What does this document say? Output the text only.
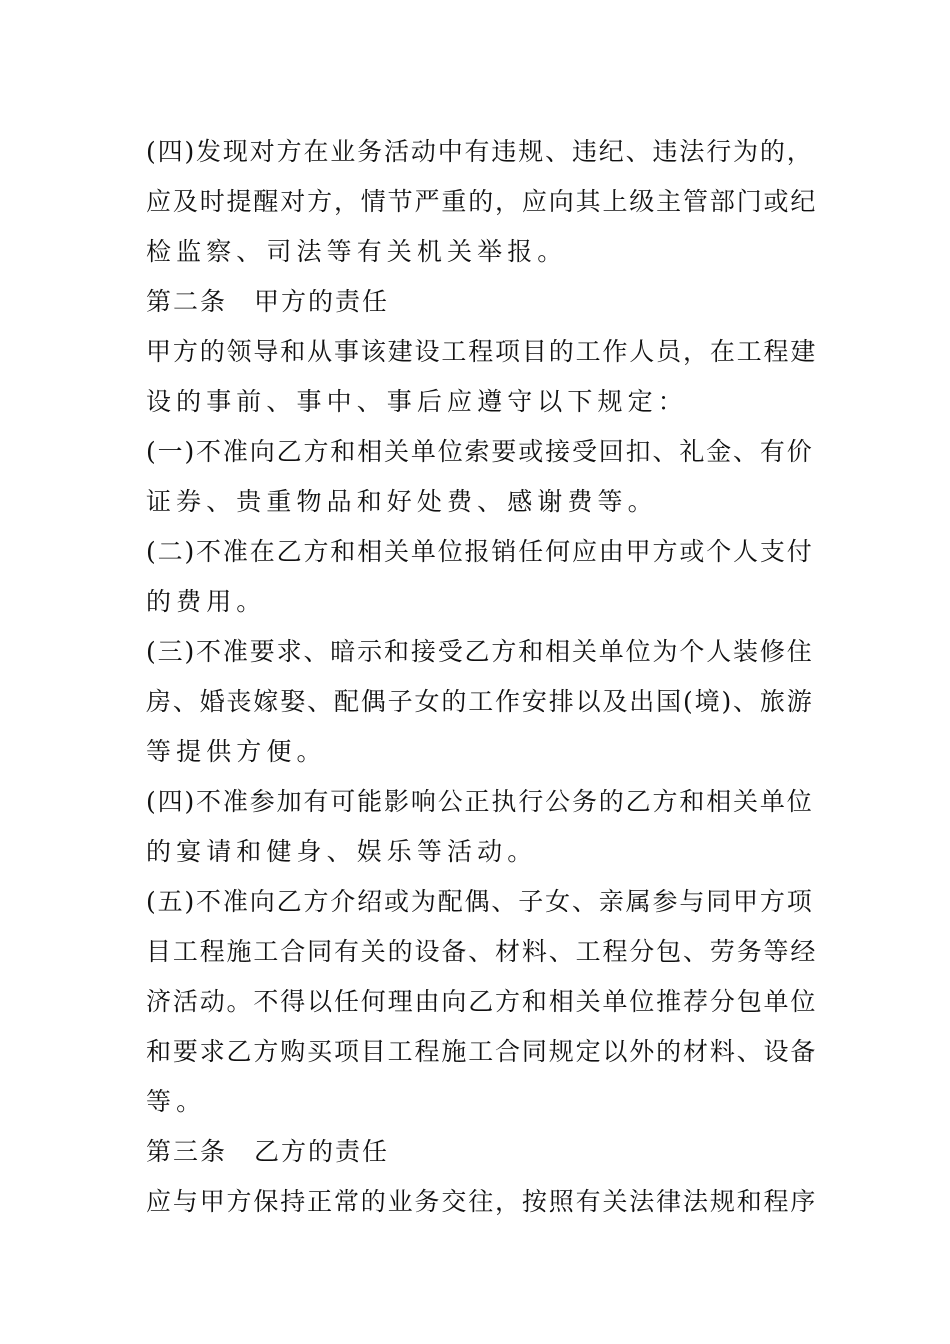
(四)发现对方在业务活动中有违规、违纪、违法行为的，
应及时提醒对方，情节严重的，应向其上级主管部门或纪
检监察、司法等有关机关举报。
第二条　甲方的责任
甲方的领导和从事该建设工程项目的工作人员，在工程建
设的事前、事中、事后应遵守以下规定：
(一)不准向乙方和相关单位索要或接受回扣、礼金、有价
证券、贵重物品和好处费、感谢费等。
(二)不准在乙方和相关单位报销任何应由甲方或个人支付
的费用。
(三)不准要求、暗示和接受乙方和相关单位为个人装修住
房、婚丧嫁娶、配偶子女的工作安排以及出国(境)、旅游
等提供方便。
(四)不准参加有可能影响公正执行公务的乙方和相关单位
的宴请和健身、娱乐等活动。
(五)不准向乙方介绍或为配偶、子女、亲属参与同甲方项
目工程施工合同有关的设备、材料、工程分包、劳务等经
济活动。不得以任何理由向乙方和相关单位推荐分包单位
和要求乙方购买项目工程施工合同规定以外的材料、设备
等。
第三条　乙方的责任
应与甲方保持正常的业务交往，按照有关法律法规和程序
